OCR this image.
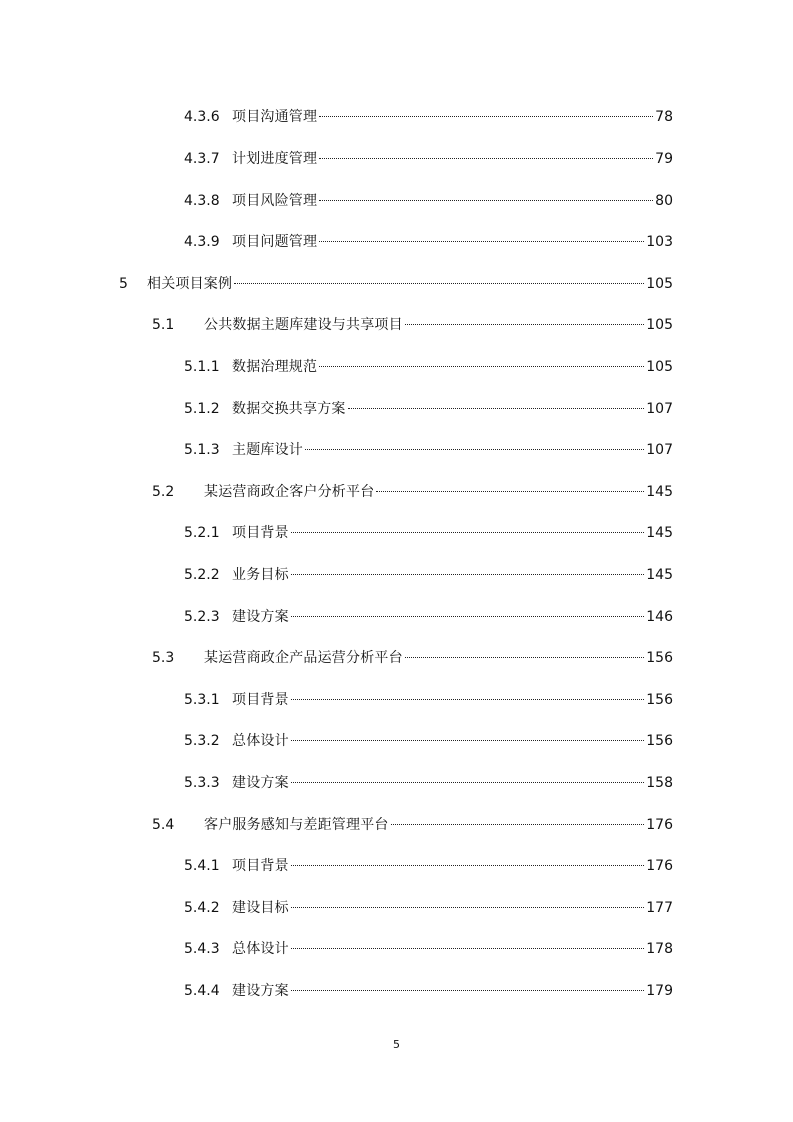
4.3.6 项目沟通管理	78
4.3.7 计划进度管理	79
4.3.8 项目风险管理	80
4.3.9 项目问题管理	103
5	相关项目案例	105
5.1	公共数据主题库建设与共享项目	105
5.1.1 数据治理规范	105
5.1.2 数据交换共享方案	107
5.1.3 主题库设计	107
5.2	某运营商政企客户分析平台	145
5.2.1 项目背景	145
5.2.2 业务目标	145
5.2.3 建设方案	146
5.3	某运营商政企产品运营分析平台	156
5.3.1 项目背景	156
5.3.2 总体设计	156
5.3.3 建设方案	158
5.4	客户服务感知与差距管理平台	176
5.4.1 项目背景	176
5.4.2 建设目标	177
5.4.3 总体设计	178
5.4.4 建设方案	179
5
